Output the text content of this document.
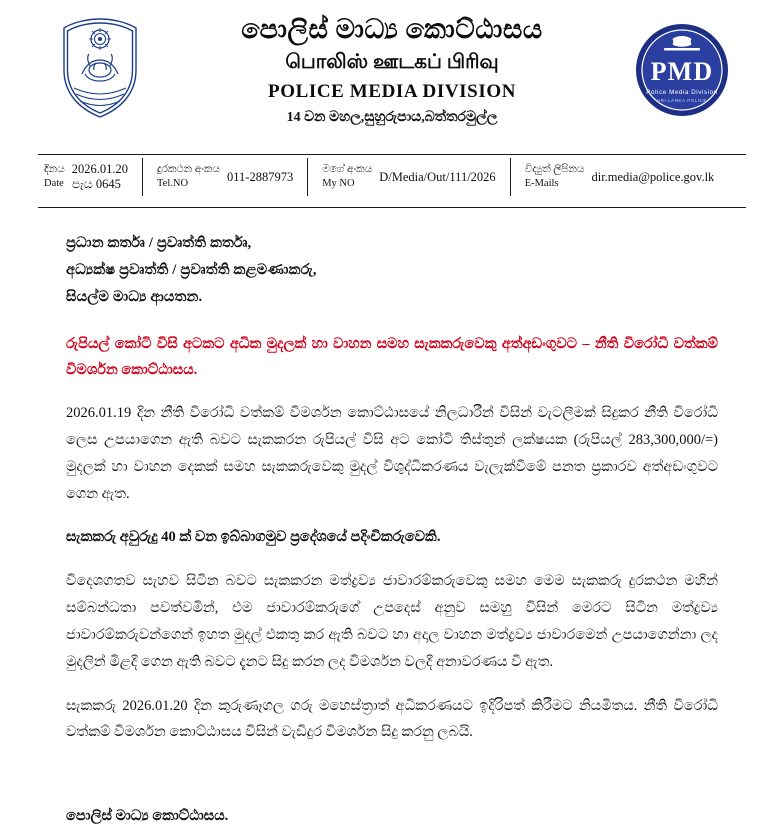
PMD
Police Media Division
SRI LANKA POLICE
පොලිස් මාධ්‍ය කොට්ඨාසය
பொலிஸ் ஊடகப் பிரிவு
POLICE MEDIA DIVISION
14 වන මහල,සුහුරුපාය,බත්තරමුල්ල
දිනය
Date
2026.01.20
පැය 0645
දුරකථන අංකය
Tel.NO	011-2887973
මගේ අංකය
My NO	D/Media/Out/111/2026
විද්‍යුත් ලිපිනය
E-Mails	dir.media@police.gov.lk
ප්‍රධාන කර්තෘ / ප්‍රවෘත්ති කර්තෘ,
අධ්‍යක්ෂ ප්‍රවෘත්ති / ප්‍රවෘත්ති කළමණාකරු,
සියල්ම මාධ්‍ය ආයතන.
රුපියල් කෝටි විසි අටකට අධික මුදලක් හා වාහන සමහ සැකකරුවෙකු අත්අඩංගුවට – නීති විරෝධි වත්කම් විමර්ශන කොට්ඨාසය.

2026.01.19 දින නීති විරෝධි වත්කම් විමර්ශන කොට්ඨාසයේ නිලධාරීන් විසින් වැටලීමක් සිදුකර නීති විරෝධි ලෙස උපයාගෙන ඇති බවට සැකකරන රුපියල් විසි අට කෝටි තිස්තුන් ලක්ෂයක (රුපියල් 283,300,000/=) මුදලක් හා වාහන දෙකක් සමහ සැකකරුවෙකු මුදල් විශුද්ධිකරණය වැලැක්වීමේ පනත ප්‍රකාරව අත්අඩංගුවට ගෙන ඇත.

සැකකරු අවුරුදු 40 ක් වන ඉබ්බාගමුව ප්‍රදේශයේ පදිංචිකරුවෙකි.

විදෙශගතව සැහව සිටින බවට සැකකරන මත්ද්‍රව්‍ය ජාවාරම්කරුවෙකු සමහ මෙම සැකකරු දුරකථන මහින් සම්බන්ධතා පවත්වමින්, එම ජාවාරම්කරුගේ උපදෙස් අනුව සමහු විසින් මෙරට සිටින මත්ද්‍රව්‍ය ජාවාරම්කරුවන්ගෙන් ඉහත මුදල් එකතු කර ඇති බවට හා අදාල වාහන මත්ද්‍රව්‍ය ජාවාරමෙන් උපයාගෙන්නා ලද මුදලින් මිළදී ගෙන ඇති බවට දැනට සිදු කරන ලද විමර්ශන වලදී අනාවරණය වී ඇත.

සැකකරු 2026.01.20 දින කුරුණෑගල ගරු මහෙස්ත්‍රාත් අධිකරණයට ඉදිරිපත් කිරීමට නියමිතය. නීති විරෝධි වත්කම් විමර්ශන කොට්ඨාසය විසින් වැඩිදුර විමර්ශන සිදු කරනු ලබයි.

පොලිස් මාධ්‍ය කොට්ඨාසය.
